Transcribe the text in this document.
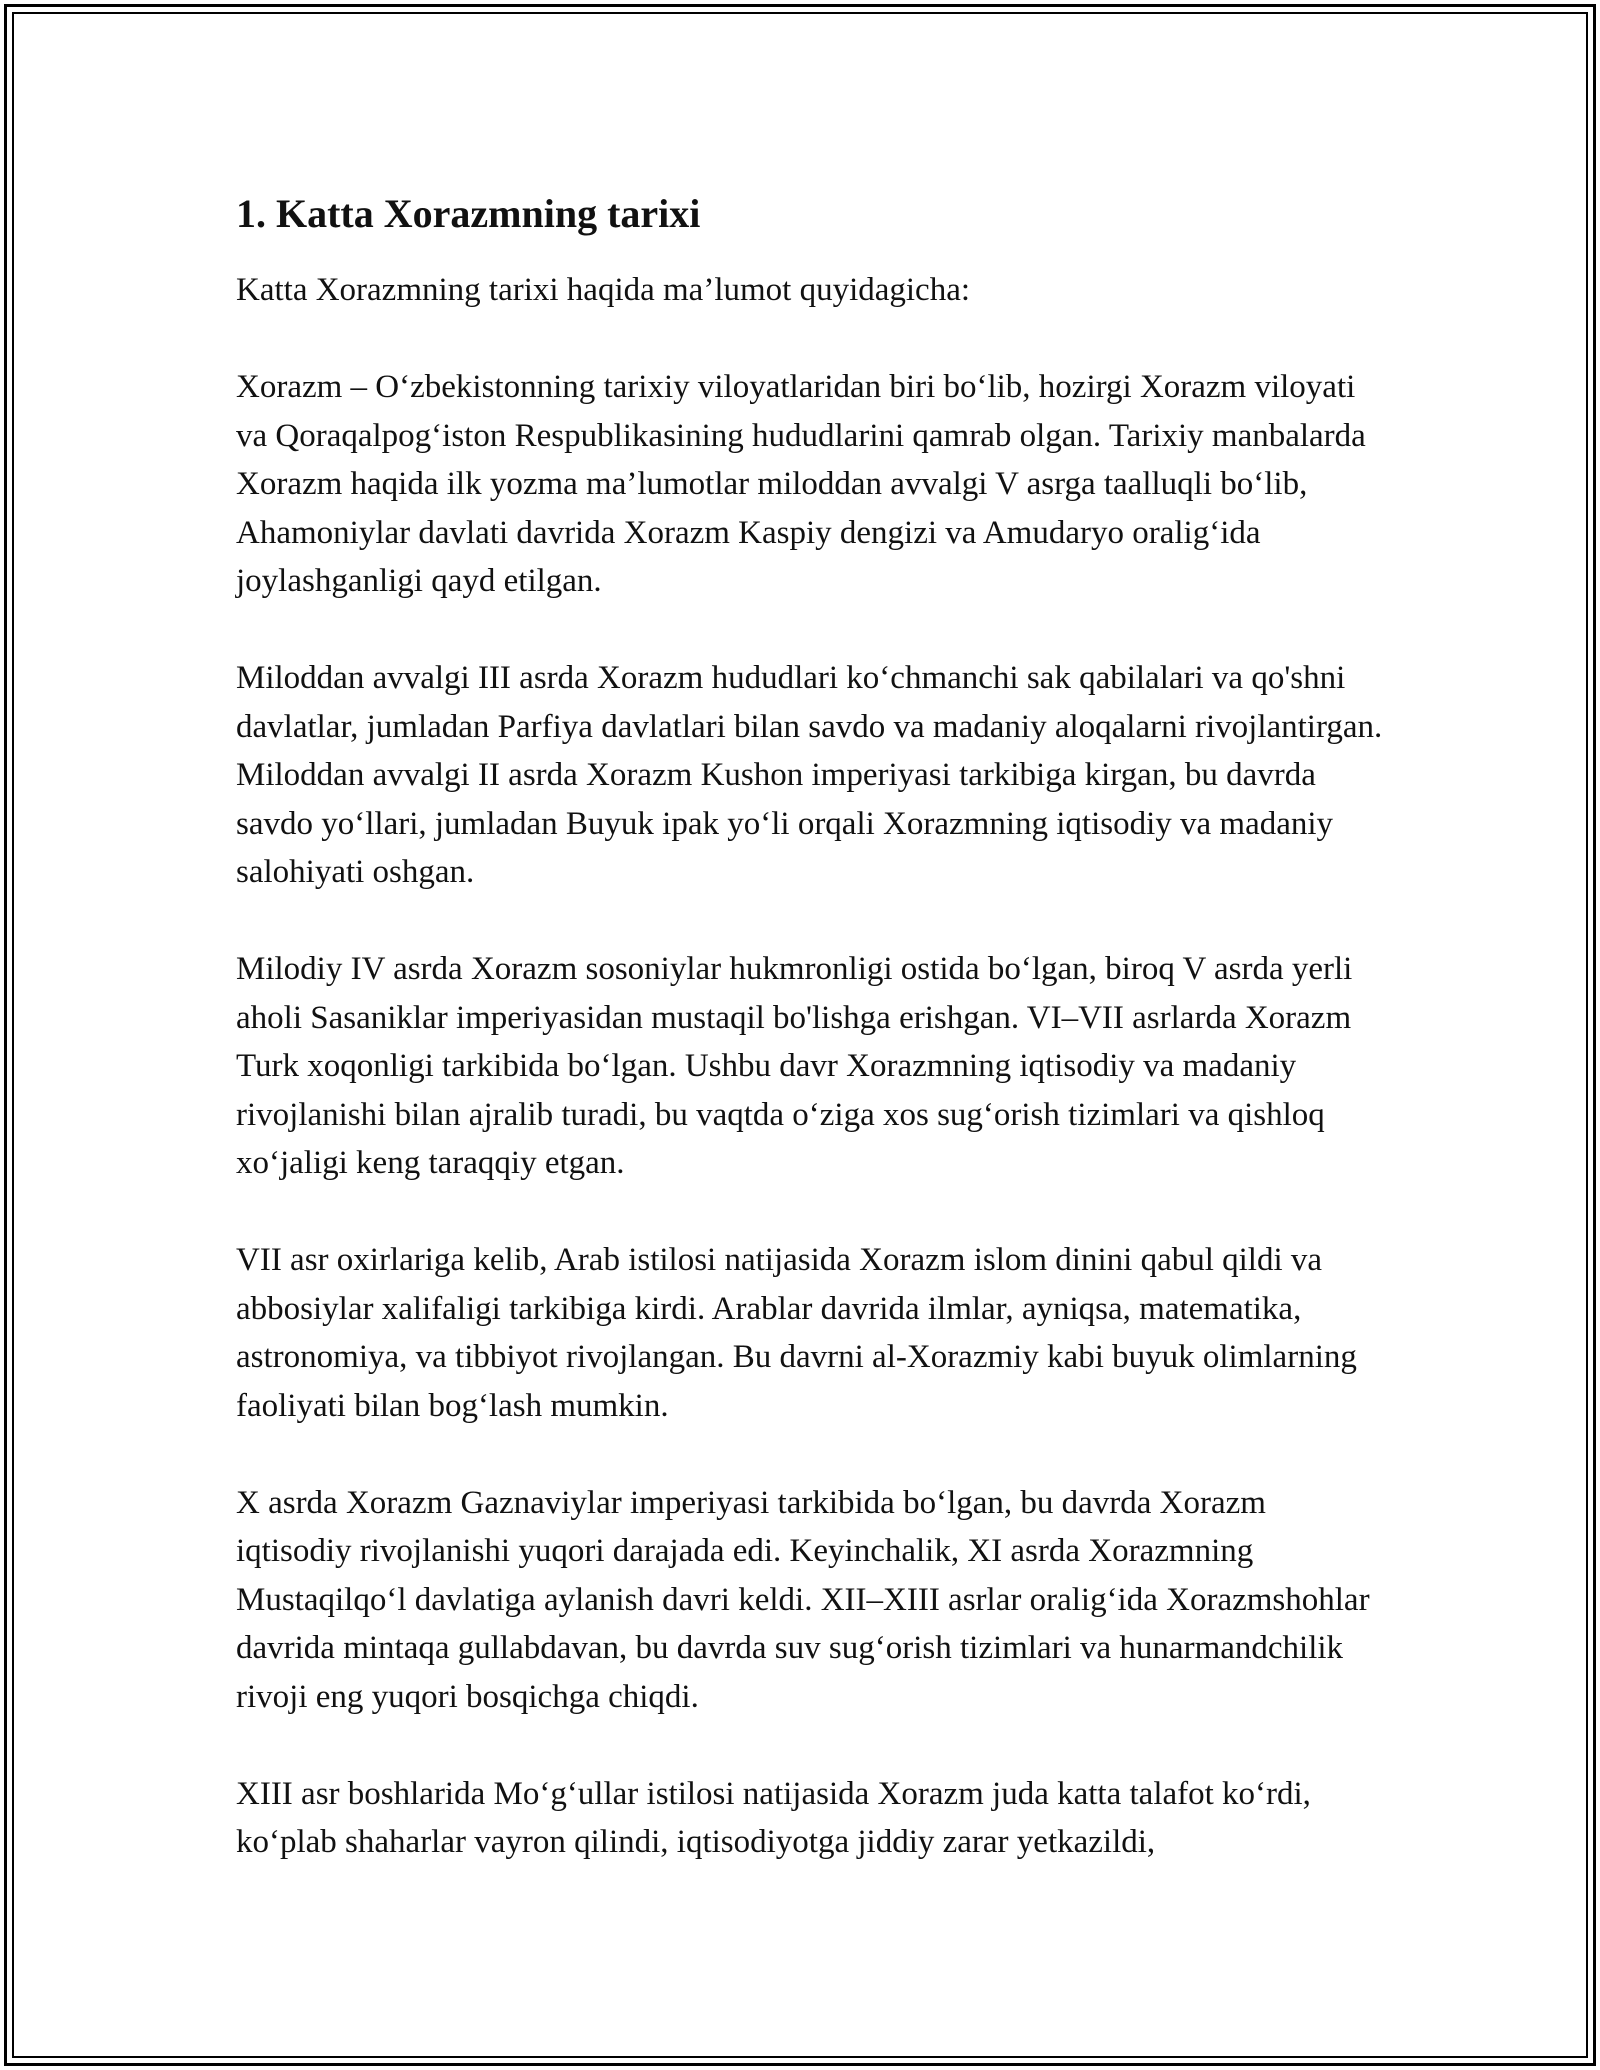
1. Katta Xorazmning tarixi

Katta Xorazmning tarixi haqida ma’lumot quyidagicha:

Xorazm – O‘zbekistonning tarixiy viloyatlaridan biri bo‘lib, hozirgi Xorazm viloyati va Qoraqalpog‘iston Respublikasining hududlarini qamrab olgan. Tarixiy manbalarda Xorazm haqida ilk yozma ma’lumotlar miloddan avvalgi V asrga taalluqli bo‘lib, Ahamoniylar davlati davrida Xorazm Kaspiy dengizi va Amudaryo oralig‘ida joylashganligi qayd etilgan.

Miloddan avvalgi III asrda Xorazm hududlari ko‘chmanchi sak qabilalari va qo'shni davlatlar, jumladan Parfiya davlatlari bilan savdo va madaniy aloqalarni rivojlantirgan. Miloddan avvalgi II asrda Xorazm Kushon imperiyasi tarkibiga kirgan, bu davrda savdo yo‘llari, jumladan Buyuk ipak yo‘li orqali Xorazmning iqtisodiy va madaniy salohiyati oshgan.

Milodiy IV asrda Xorazm sosoniylar hukmronligi ostida bo‘lgan, biroq V asrda yerli aholi Sasaniklar imperiyasidan mustaqil bo'lishga erishgan. VI–VII asrlarda Xorazm Turk xoqonligi tarkibida bo‘lgan. Ushbu davr Xorazmning iqtisodiy va madaniy rivojlanishi bilan ajralib turadi, bu vaqtda o‘ziga xos sug‘orish tizimlari va qishloq xo‘jaligi keng taraqqiy etgan.

VII asr oxirlariga kelib, Arab istilosi natijasida Xorazm islom dinini qabul qildi va abbosiylar xalifaligi tarkibiga kirdi. Arablar davrida ilmlar, ayniqsa, matematika, astronomiya, va tibbiyot rivojlangan. Bu davrni al-Xorazmiy kabi buyuk olimlarning faoliyati bilan bog‘lash mumkin.

X asrda Xorazm Gaznaviylar imperiyasi tarkibida bo‘lgan, bu davrda Xorazm iqtisodiy rivojlanishi yuqori darajada edi. Keyinchalik, XI asrda Xorazmning Mustaqilqo‘l davlatiga aylanish davri keldi. XII–XIII asrlar oralig‘ida Xorazmshohlar davrida mintaqa gullabdavan, bu davrda suv sug‘orish tizimlari va hunarmandchilik rivoji eng yuqori bosqichga chiqdi.

XIII asr boshlarida Mo‘g‘ullar istilosi natijasida Xorazm juda katta talafot ko‘rdi, ko‘plab shaharlar vayron qilindi, iqtisodiyotga jiddiy zarar yetkazildi,
